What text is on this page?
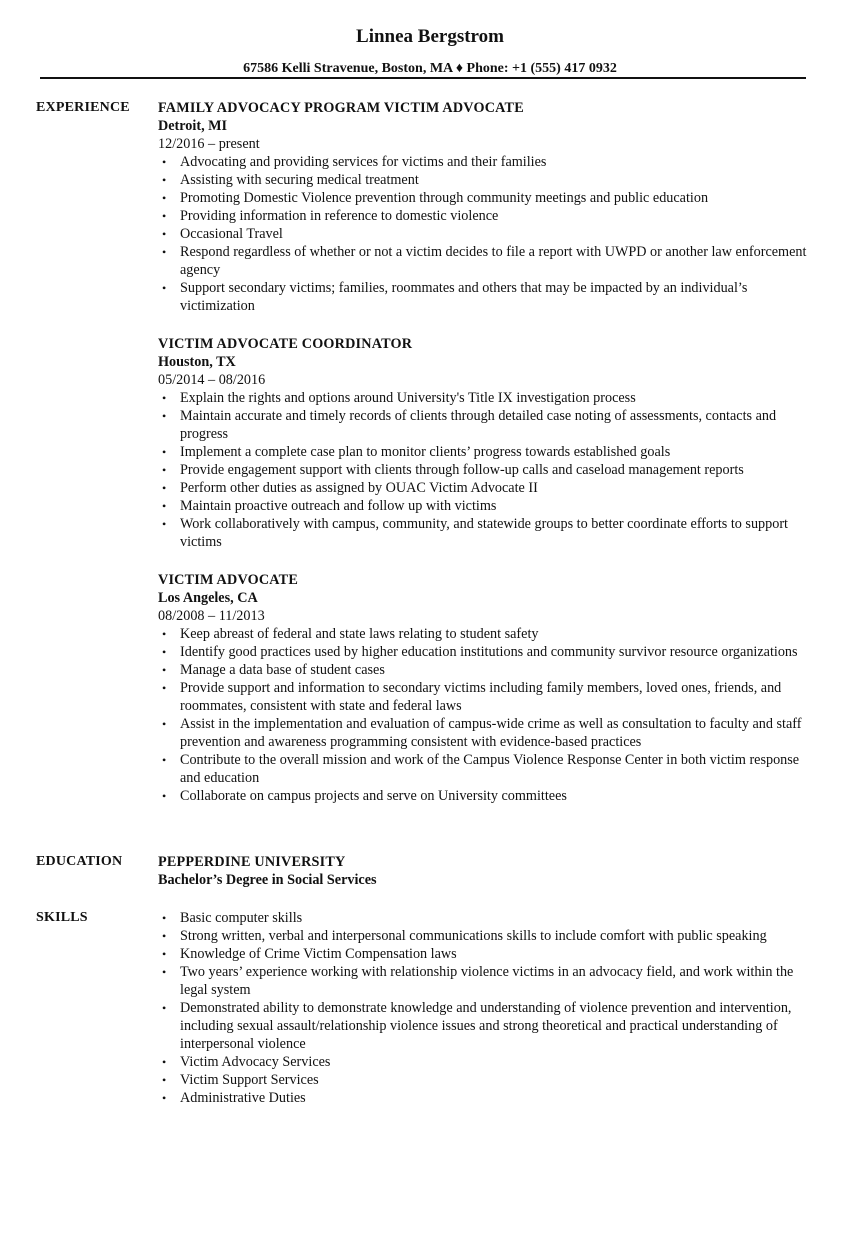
Linnea Bergstrom
67586 Kelli Stravenue, Boston, MA ♦ Phone: +1 (555) 417 0932
EXPERIENCE FAMILY ADVOCACY PROGRAM VICTIM ADVOCATE
Detroit, MI
12/2016 – present
• Advocating and providing services for victims and their families
• Assisting with securing medical treatment
• Promoting Domestic Violence prevention through community meetings and public education
• Providing information in reference to domestic violence
• Occasional Travel
• Respond regardless of whether or not a victim decides to file a report with UWPD or another law enforcement agency
• Support secondary victims; families, roommates and others that may be impacted by an individual’s victimization
VICTIM ADVOCATE COORDINATOR
Houston, TX
05/2014 – 08/2016
• Explain the rights and options around University's Title IX investigation process
• Maintain accurate and timely records of clients through detailed case noting of assessments, contacts and progress
• Implement a complete case plan to monitor clients’ progress towards established goals
• Provide engagement support with clients through follow-up calls and caseload management reports
• Perform other duties as assigned by OUAC Victim Advocate II
• Maintain proactive outreach and follow up with victims
• Work collaboratively with campus, community, and statewide groups to better coordinate efforts to support victims
VICTIM ADVOCATE
Los Angeles, CA
08/2008 – 11/2013
• Keep abreast of federal and state laws relating to student safety
• Identify good practices used by higher education institutions and community survivor resource organizations
• Manage a data base of student cases
• Provide support and information to secondary victims including family members, loved ones, friends, and roommates, consistent with state and federal laws
• Assist in the implementation and evaluation of campus-wide crime as well as consultation to faculty and staff prevention and awareness programming consistent with evidence-based practices
• Contribute to the overall mission and work of the Campus Violence Response Center in both victim response and education
• Collaborate on campus projects and serve on University committees
EDUCATION	PEPPERDINE UNIVERSITY
Bachelor’s Degree in Social Services
SKILLS	• Basic computer skills
• Strong written, verbal and interpersonal communications skills to include comfort with public speaking
• Knowledge of Crime Victim Compensation laws
• Two years’ experience working with relationship violence victims in an advocacy field, and work within the legal system
• Demonstrated ability to demonstrate knowledge and understanding of violence prevention and intervention, including sexual assault/relationship violence issues and strong theoretical and practical understanding of interpersonal violence
• Victim Advocacy Services
• Victim Support Services
• Administrative Duties
